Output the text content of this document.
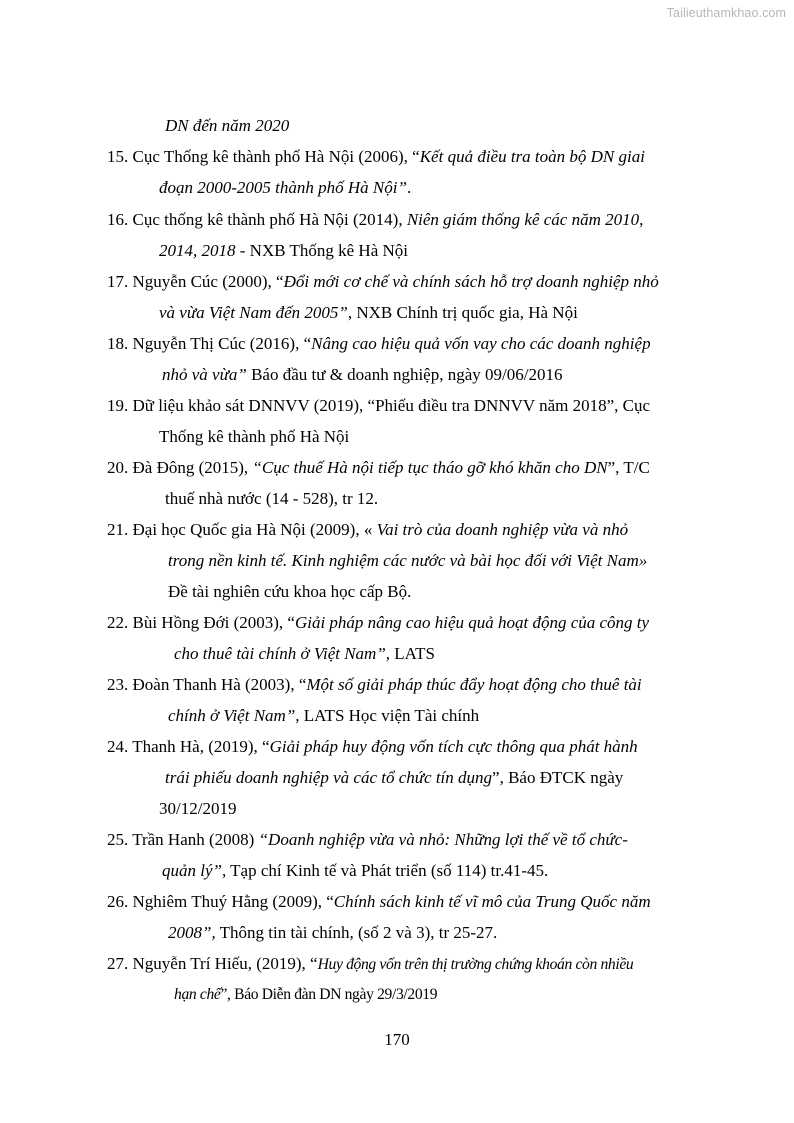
Tailieuthamkhao.com
DN đến năm 2020
15. Cục Thống kê thành phố Hà Nội (2006), “Kết quả điều tra toàn bộ DN giai
đoạn 2000-2005 thành phố Hà Nội”.
16. Cục thống kê thành phố Hà Nội (2014), Niên giám thống kê các năm 2010,
2014, 2018 - NXB Thống kê Hà Nội
17. Nguyễn Cúc (2000), “Đổi mới cơ chế và chính sách hỗ trợ doanh nghiệp nhỏ
và vừa Việt Nam đến 2005”, NXB Chính trị quốc gia, Hà Nội
18. Nguyễn Thị Cúc (2016), “Nâng cao hiệu quả vốn vay cho các doanh nghiệp
nhỏ và vừa” Báo đầu tư & doanh nghiệp, ngày 09/06/2016
19. Dữ liệu khảo sát DNNVV (2019), “Phiếu điều tra DNNVV năm 2018”, Cục
Thống kê thành phố Hà Nội
20. Đà Đông (2015), “Cục thuế Hà nội tiếp tục tháo gỡ khó khăn cho DN”, T/C
thuế nhà nước (14 - 528), tr 12.
21. Đại học Quốc gia Hà Nội (2009), « Vai trò của doanh nghiệp vừa và nhỏ
trong nền kinh tế. Kinh nghiệm các nước và bài học đối với Việt Nam»
Đề tài nghiên cứu khoa học cấp Bộ.
22. Bùi Hồng Đới (2003), “Giải pháp nâng cao hiệu quả hoạt động của công ty
cho thuê tài chính ở Việt Nam”, LATS
23. Đoàn Thanh Hà (2003), “Một số giải pháp thúc đẩy hoạt động cho thuê tài
chính ở Việt Nam”, LATS Học viện Tài chính
24. Thanh Hà, (2019), “Giải pháp huy động vốn tích cực thông qua phát hành
trái phiếu doanh nghiệp và các tổ chức tín dụng”, Báo ĐTCK ngày
30/12/2019
25. Trần Hanh (2008) “Doanh nghiệp vừa và nhỏ: Những lợi thế về tổ chức-
quản lý”, Tạp chí Kinh tế và Phát triển (số 114) tr.41-45.
26. Nghiêm Thuý Hằng (2009), “Chính sách kinh tế vĩ mô của Trung Quốc năm
2008”, Thông tin tài chính, (số 2 và 3), tr 25-27.
27. Nguyễn Trí Hiếu, (2019), “Huy động vốn trên thị trường chứng khoán còn nhiều
hạn chế”, Báo Diễn đàn DN ngày 29/3/2019
170
